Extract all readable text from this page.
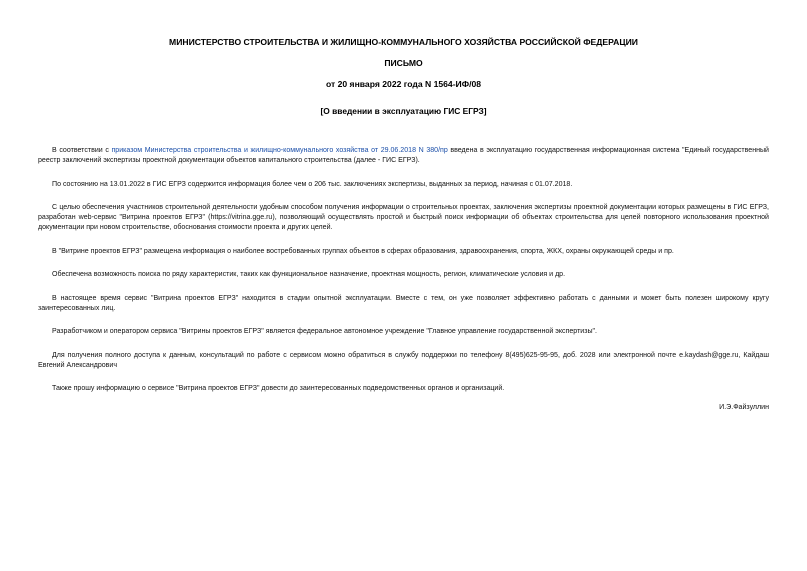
МИНИСТЕРСТВО СТРОИТЕЛЬСТВА И ЖИЛИЩНО-КОММУНАЛЬНОГО ХОЗЯЙСТВА РОССИЙСКОЙ ФЕДЕРАЦИИ
ПИСЬМО
от 20 января 2022 года N 1564-ИФ/08
[О введении в эксплуатацию ГИС ЕГРЗ]

В соответствии с приказом Министерства строительства и жилищно-коммунального хозяйства от 29.06.2018 N 380/пр введена в эксплуатацию государственная информационная система "Единый государственный реестр заключений экспертизы проектной документации объектов капитального строительства (далее - ГИС ЕГРЗ).

По состоянию на 13.01.2022 в ГИС ЕГРЗ содержится информация более чем о 206 тыс. заключениях экспертизы, выданных за период, начиная с 01.07.2018.

С целью обеспечения участников строительной деятельности удобным способом получения информации о строительных проектах, заключения экспертизы проектной документации которых размещены в ГИС ЕГРЗ, разработан web-сервис "Витрина проектов ЕГРЗ" (https://vitrina.gge.ru), позволяющий осуществлять простой и быстрый поиск информации об объектах строительства для целей повторного использования проектной документации при новом строительстве, обоснования стоимости проекта и других целей.

В "Витрине проектов ЕГРЗ" размещена информация о наиболее востребованных группах объектов в сферах образования, здравоохранения, спорта, ЖКХ, охраны окружающей среды и пр.

Обеспечена возможность поиска по ряду характеристик, таких как функциональное назначение, проектная мощность, регион, климатические условия и др.

В настоящее время сервис "Витрина проектов ЕГРЗ" находится в стадии опытной эксплуатации. Вместе с тем, он уже позволяет эффективно работать с данными и может быть полезен широкому кругу заинтересованных лиц.

Разработчиком и оператором сервиса "Витрины проектов ЕГРЗ" является федеральное автономное учреждение "Главное управление государственной экспертизы".

Для получения полного доступа к данным, консультаций по работе с сервисом можно обратиться в службу поддержки по телефону 8(495)625-95-95, доб. 2028 или электронной почте e.kaydash@gge.ru, Кайдаш Евгений Александрович

Также прошу информацию о сервисе "Витрина проектов ЕГРЗ" довести до заинтересованных подведомственных органов и организаций.

И.Э.Файзуллин
